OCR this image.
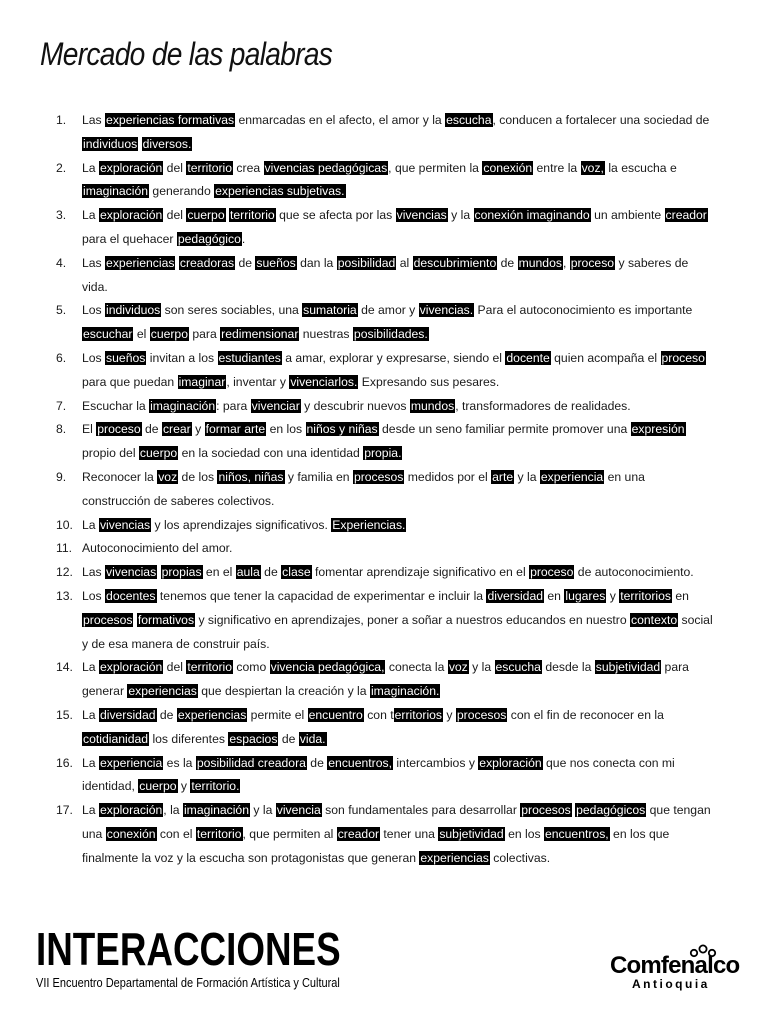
Mercado de las palabras
1.	Las experiencias formativas enmarcadas en el afecto, el amor y la escucha, conducen a fortalecer una sociedad de individuos diversos.
2.	La exploración del territorio crea vivencias pedagógicas, que permiten la conexión entre la voz, la escucha e imaginación generando experiencias subjetivas.
3.	La exploración del cuerpo territorio que se afecta por las vivencias y la conexión imaginando un ambiente creador para el quehacer pedagógico.
4.	Las experiencias creadoras de sueños dan la posibilidad al descubrimiento de mundos, proceso y saberes de vida.
5.	Los individuos son seres sociables, una sumatoria de amor y vivencias. Para el autoconocimiento es importante escuchar el cuerpo para redimensionar nuestras posibilidades.
6.	Los sueños invitan a los estudiantes a amar, explorar y expresarse, siendo el docente quien acompaña el proceso para que puedan imaginar, inventar y vivenciarlos. Expresando sus pesares.
7.	Escuchar la imaginación: para vivenciar y descubrir nuevos mundos, transformadores de realidades.
8.	El proceso de crear y formar arte en los niños y niñas desde un seno familiar permite promover una expresión propio del cuerpo en la sociedad con una identidad propia.
9.	Reconocer la voz de los niños, niñas y familia en procesos medidos por el arte y la experiencia en una construcción de saberes colectivos.
10. La vivencias y los aprendizajes significativos. Experiencias.
11. Autoconocimiento del amor.
12. Las vivencias propias en el aula de clase fomentar aprendizaje significativo en el proceso de autoconocimiento.
13. Los docentes tenemos que tener la capacidad de experimentar e incluir la diversidad en lugares y territorios en procesos formativos y significativo en aprendizajes, poner a soñar a nuestros educandos en nuestro contexto social y de esa manera de construir país.
14. La exploración del territorio como vivencia pedagógica, conecta la voz y la escucha desde la subjetividad para generar experiencias que despiertan la creación y la imaginación.
15. La diversidad de experiencias permite el encuentro con territorios y procesos con el fin de reconocer en la cotidianidad los diferentes espacios de vida.
16. La experiencia es la posibilidad creadora de encuentros, intercambios y exploración que nos conecta con mi identidad, cuerpo y territorio.
17. La exploración, la imaginación y la vivencia son fundamentales para desarrollar procesos pedagógicos que tengan una conexión con el territorio, que permiten al creador tener una subjetividad en los encuentros, en los que finalmente la voz y la escucha son protagonistas que generan experiencias colectivas.
INTERACCIONES
VII Encuentro Departamental de Formación Artística y Cultural
Comfenalco
Antioquia
